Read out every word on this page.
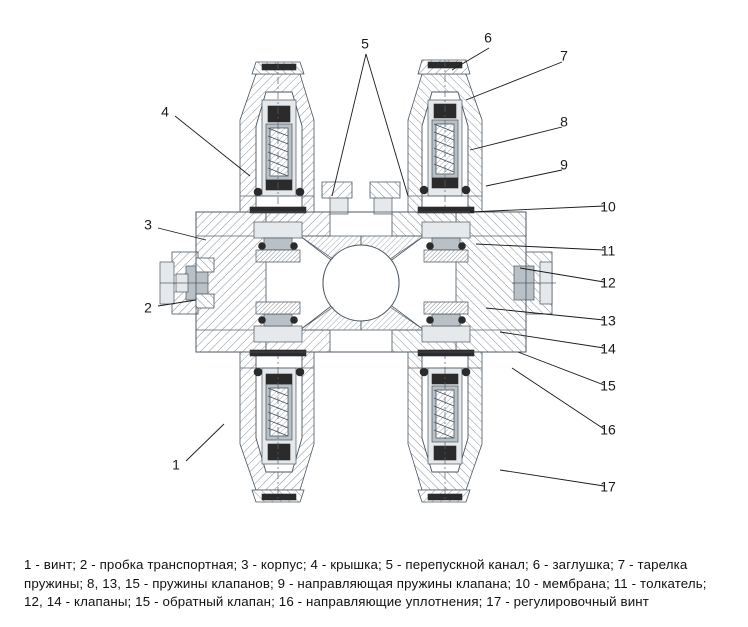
1
2
3
4
5	6
7
8
9
10
11
12
13
14
15
16
17
1 - винт; 2 - пробка транспортная; 3 - корпус; 4 - крышка; 5 - перепускной канал; 6 - заглушка; 7 - тарелка
пружины; 8, 13, 15 - пружины клапанов; 9 - направляющая пружины клапана; 10 - мембрана; 11 - толкатель;
12, 14 - клапаны; 15 - обратный клапан; 16 - направляющие уплотнения; 17 - регулировочный винт
